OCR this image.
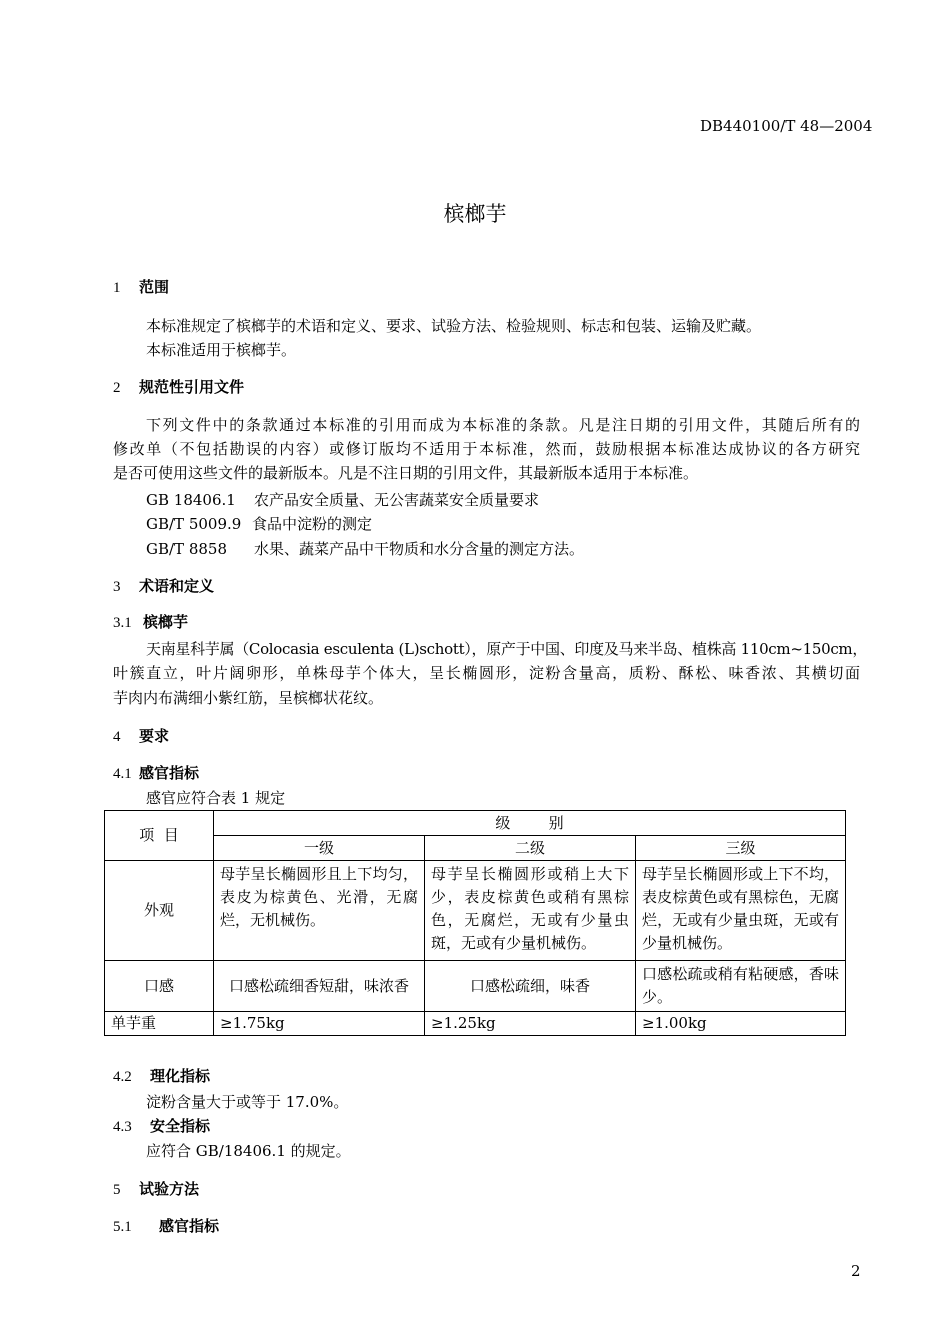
DB440100/T 48—2004
槟榔芋
1 范围
本标准规定了槟榔芋的术语和定义、要求、试验方法、检验规则、标志和包装、运输及贮藏。
本标准适用于槟榔芋。
2 规范性引用文件
下列文件中的条款通过本标准的引用而成为本标准的条款。凡是注日期的引用文件，其随后所有的
修改单（不包括勘误的内容）或修订版均不适用于本标准，然而，鼓励根据本标准达成协议的各方研究
是否可使用这些文件的最新版本。凡是不注日期的引用文件，其最新版本适用于本标准。
GB 18406.1 农产品安全质量、无公害蔬菜安全质量要求
GB/T 5009.9 食品中淀粉的测定
GB/T 8858 水果、蔬菜产品中干物质和水分含量的测定方法。
3 术语和定义
3.1 槟榔芋
天南星科芋属（Colocasia esculenta (L)schott），原产于中国、印度及马来半岛、植株高 110cm~150cm，
叶簇直立，叶片阔卵形，单株母芋个体大，呈长椭圆形，淀粉含量高，质粉、酥松、味香浓、其横切面
芋肉内布满细小紫红筋，呈槟榔状花纹。
4 要求
4.1 感官指标
感官应符合表 1 规定
项  目	级        别		
	一级	二级	三级
外观	母芋呈长椭圆形且上下均匀，表皮为棕黄色、光滑，无腐烂，无机械伤。	母芋呈长椭圆形或稍上大下少，表皮棕黄色或稍有黑棕色，无腐烂，无或有少量虫斑，无或有少量机械伤。	母芋呈长椭圆形或上下不均，表皮棕黄色或有黑棕色，无腐烂，无或有少量虫斑，无或有少量机械伤。
口感	口感松疏细香短甜，味浓香	口感松疏细，味香	口感松疏或稍有粘硬感，香味少。
单芋重	≥1.75kg	≥1.25kg	≥1.00kg
4.2 理化指标
淀粉含量大于或等于 17.0%。
4.3 安全指标
应符合 GB/18406.1 的规定。
5 试验方法
5.1 感官指标
2
